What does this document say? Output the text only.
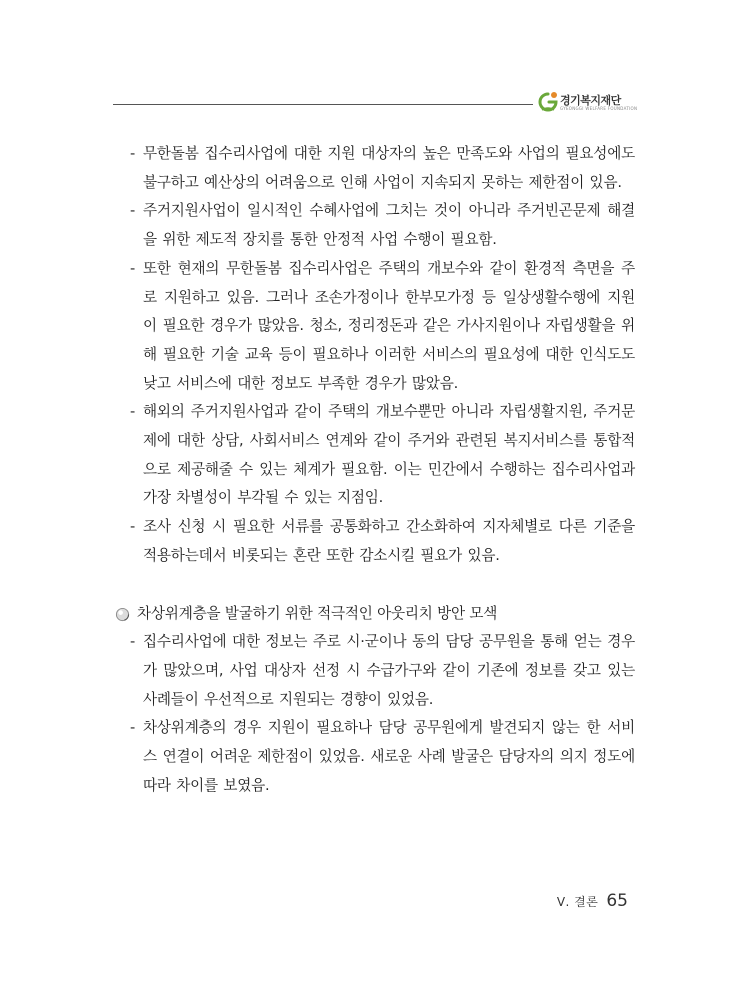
경기복지재단
GYEONGGI WELFARE FOUNDATION
- 무한돌봄 집수리사업에 대한 지원 대상자의 높은 만족도와 사업의 필요성에도 불구하고 예산상의 어려움으로 인해 사업이 지속되지 못하는 제한점이 있음.
- 주거지원사업이 일시적인 수혜사업에 그치는 것이 아니라 주거빈곤문제 해결을 위한 제도적 장치를 통한 안정적 사업 수행이 필요함.
- 또한 현재의 무한돌봄 집수리사업은 주택의 개보수와 같이 환경적 측면을 주로 지원하고 있음. 그러나 조손가정이나 한부모가정 등 일상생활수행에 지원이 필요한 경우가 많았음. 청소, 정리정돈과 같은 가사지원이나 자립생활을 위해 필요한 기술 교육 등이 필요하나 이러한 서비스의 필요성에 대한 인식도도 낮고 서비스에 대한 정보도 부족한 경우가 많았음.
- 해외의 주거지원사업과 같이 주택의 개보수뿐만 아니라 자립생활지원, 주거문제에 대한 상담, 사회서비스 연계와 같이 주거와 관련된 복지서비스를 통합적으로 제공해줄 수 있는 체계가 필요함. 이는 민간에서 수행하는 집수리사업과 가장 차별성이 부각될 수 있는 지점임.
- 조사 신청 시 필요한 서류를 공통화하고 간소화하여 지자체별로 다른 기준을 적용하는데서 비롯되는 혼란 또한 감소시킬 필요가 있음.
차상위계층을 발굴하기 위한 적극적인 아웃리치 방안 모색
- 집수리사업에 대한 정보는 주로 시·군이나 동의 담당 공무원을 통해 얻는 경우가 많았으며, 사업 대상자 선정 시 수급가구와 같이 기존에 정보를 갖고 있는 사례들이 우선적으로 지원되는 경향이 있었음.
- 차상위계층의 경우 지원이 필요하나 담당 공무원에게 발견되지 않는 한 서비스 연결이 어려운 제한점이 있었음. 새로운 사례 발굴은 담당자의 의지 정도에 따라 차이를 보였음.
Ⅴ. 결론 65
